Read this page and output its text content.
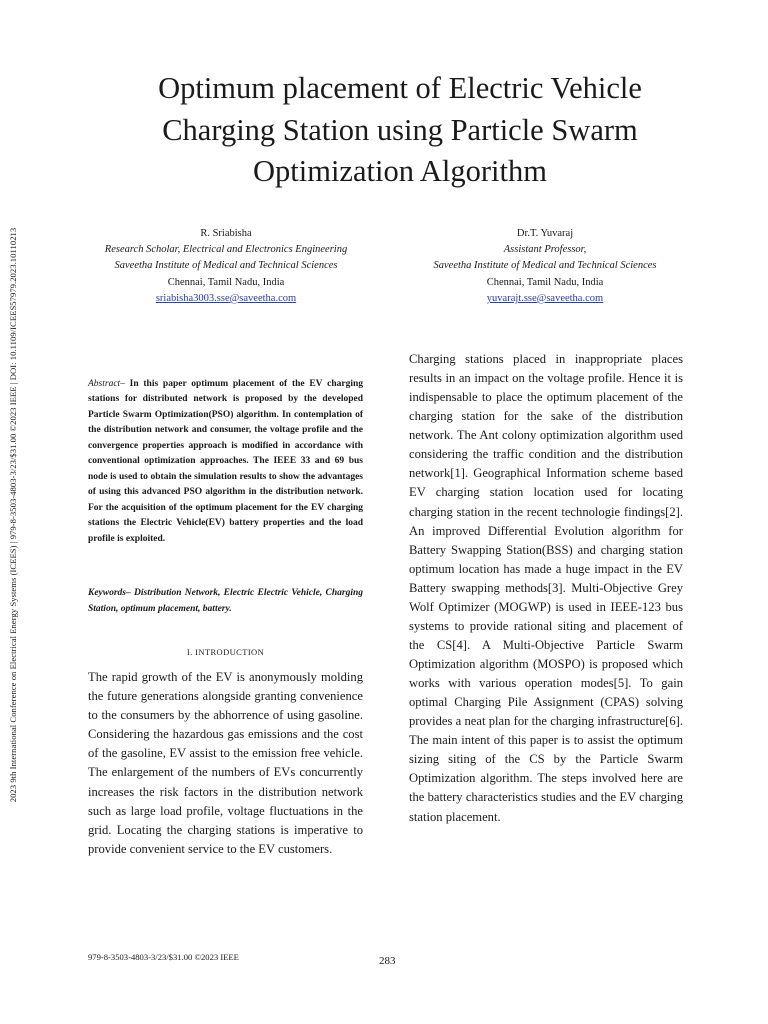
2023 9th International Conference on Electrical Energy Systems (ICEES) | 979-8-3503-4803-3/23/$31.00 ©2023 IEEE | DOI: 10.1109/ICEES57979.2023.10110213
Optimum placement of Electric Vehicle
Charging Station using Particle Swarm
Optimization Algorithm
R. Sriabisha
Research Scholar, Electrical and Electronics Engineering
Saveetha Institute of Medical and Technical Sciences
Chennai, Tamil Nadu, India
sriabisha3003.sse@saveetha.com
Dr.T. Yuvaraj
Assistant Professor,
Saveetha Institute of Medical and Technical Sciences
Chennai, Tamil Nadu, India
yuvarajt.sse@saveetha.com

Abstract– In this paper optimum placement of the EV charging stations for distributed network is proposed by the developed Particle Swarm Optimization(PSO) algorithm. In contemplation of the distribution network and consumer, the voltage profile and the convergence properties approach is modified in accordance with conventional optimization approaches. The IEEE 33 and 69 bus node is used to obtain the simulation results to show the advantages of using this advanced PSO algorithm in the distribution network. For the acquisition of the optimum placement for the EV charging stations the Electric Vehicle(EV) battery properties and the load profile is exploited.

Keywords– Distribution Network, Electric Electric Vehicle, Charging Station, optimum placement, battery.

I. INTRODUCTION

The rapid growth of the EV is anonymously molding the future generations alongside granting convenience to the consumers by the abhorrence of using gasoline. Considering the hazardous gas emissions and the cost of the gasoline, EV assist to the emission free vehicle. The enlargement of the numbers of EVs concurrently increases the risk factors in the distribution network such as large load profile, voltage fluctuations in the grid. Locating the charging stations is imperative to provide convenient service to the EV customers.

Charging stations placed in inappropriate places results in an impact on the voltage profile. Hence it is indispensable to place the optimum placement of the charging station for the sake of the distribution network. The Ant colony optimization algorithm used considering the traffic condition and the distribution network[1]. Geographical Information scheme based EV charging station location used for locating charging station in the recent technologie findings[2]. An improved Differential Evolution algorithm for Battery Swapping Station(BSS) and charging station optimum location has made a huge impact in the EV Battery swapping methods[3]. Multi-Objective Grey Wolf Optimizer (MOGWP) is used in IEEE-123 bus systems to provide rational siting and placement of the CS[4]. A Multi-Objective Particle Swarm Optimization algorithm (MOSPO) is proposed which works with various operation modes[5]. To gain optimal Charging Pile Assignment (CPAS) solving provides a neat plan for the charging infrastructure[6]. The main intent of this paper is to assist the optimum sizing siting of the CS by the Particle Swarm Optimization algorithm. The steps involved here are the battery characteristics studies and the EV charging station placement.

979-8-3503-4803-3/23/$31.00 ©2023 IEEE	283
